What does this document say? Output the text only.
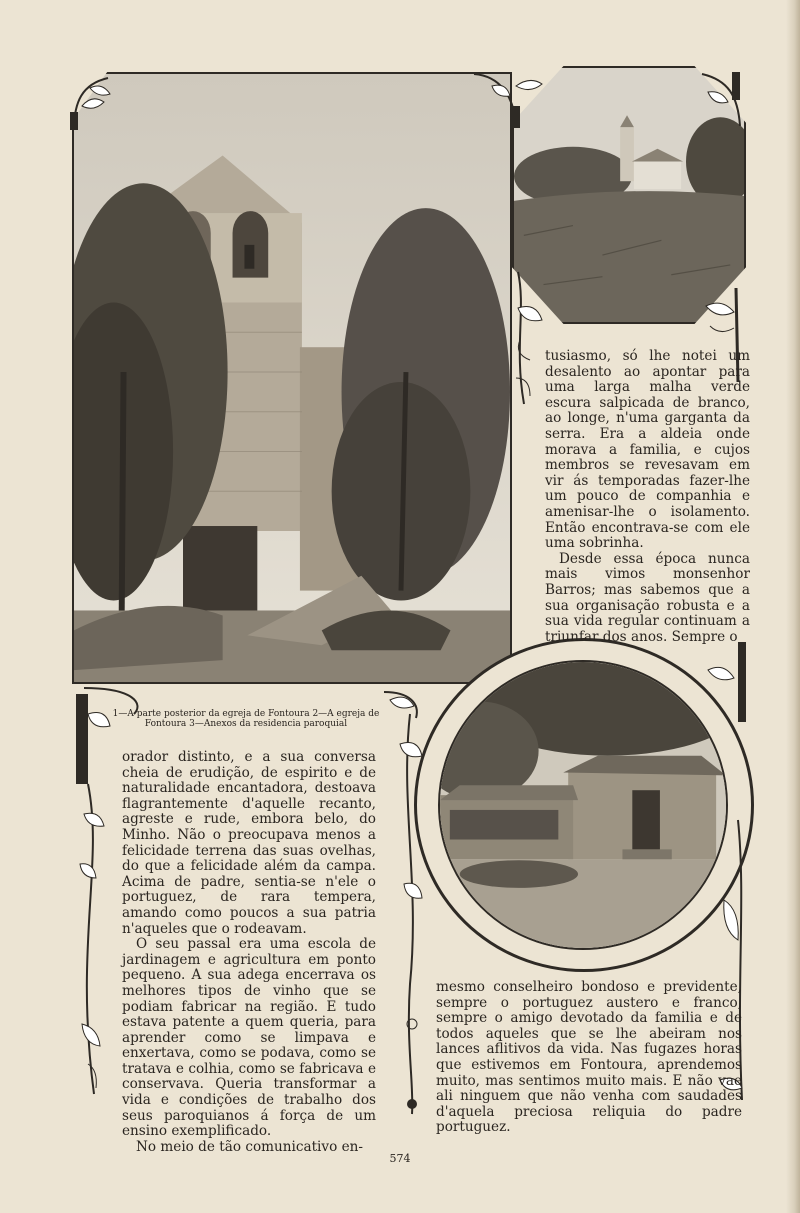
1—A parte posterior da egreja de Fontoura 2—A egreja de Fontoura 3—Anexos da residencia paroquial

tusiasmo, só lhe notei um desalento ao apontar para uma larga malha verde escura salpicada de branco, ao longe, n'uma garganta da serra. Era a aldeia onde morava a familia, e cujos membros se revesavam em vir ás temporadas fazer-lhe um pouco de companhia e amenisar-lhe o isolamento. Então encontrava-se com ele uma sobrinha.

Desde essa época nunca mais vimos monsenhor Barros; mas sabemos que a sua organisação robusta e a sua vida regular continuam a triunfar dos anos. Sempre o

orador distinto, e a sua conversa cheia de erudição, de espirito e de naturalidade encantadora, destoava flagrantemente d'aquelle recanto, agreste e rude, embora belo, do Minho. Não o preocupava menos a felicidade terrena das suas ovelhas, do que a felicidade além da campa. Acima de padre, sentia-se n'ele o portuguez, de rara tempera, amando como poucos a sua patria n'aqueles que o rodeavam.

O seu passal era uma escola de jardinagem e agricultura em ponto pequeno. A sua adega encerrava os melhores tipos de vinho que se podiam fabricar na região. E tudo estava patente a quem queria, para aprender como se limpava e enxertava, como se podava, como se tratava e colhia, como se fabricava e conservava. Queria transformar a vida e condições de trabalho dos seus paroquianos á força de um ensino exemplificado.

No meio de tão comunicativo en-

mesmo conselheiro bondoso e previdente, sempre o portuguez austero e franco, sempre o amigo devotado da familia e de todos aqueles que se lhe abeiram nos lances aflitivos da vida. Nas fugazes horas que estivemos em Fontoura, aprendemos muito, mas sentimos muito mais. E não vae ali ninguem que não venha com saudades d'aquela preciosa reliquia do padre portuguez.

574
